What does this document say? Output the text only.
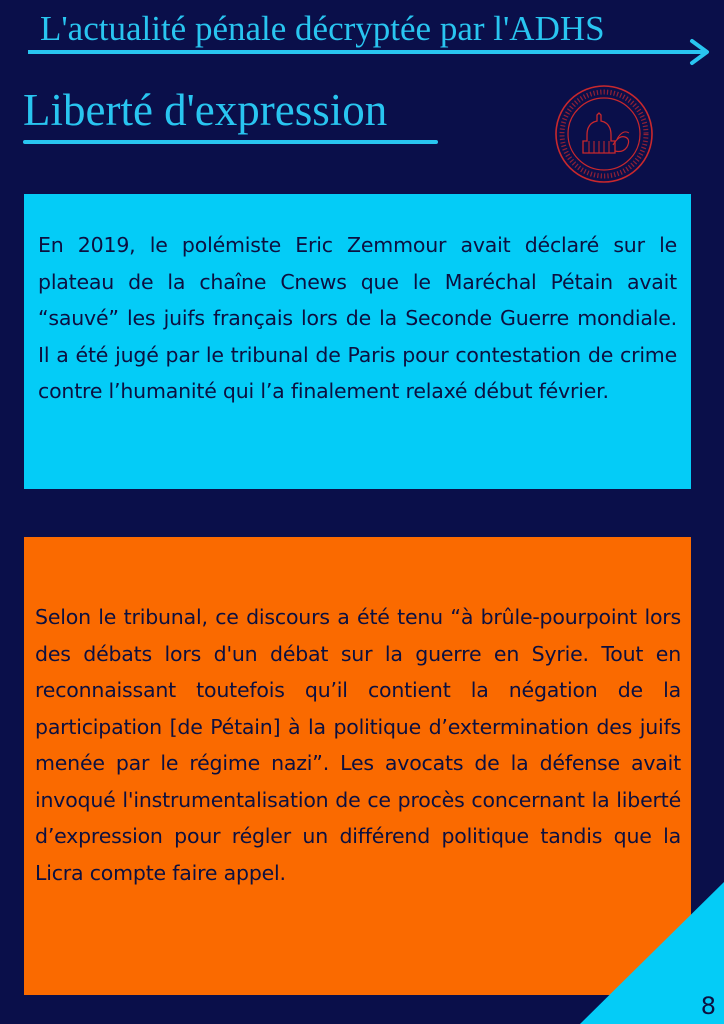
L'actualité pénale décryptée par l'ADHS
Liberté d'expression
En 2019, le polémiste Eric Zemmour avait déclaré sur le plateau de la chaîne Cnews que le Maréchal Pétain avait “sauvé” les juifs français lors de la Seconde Guerre mondiale. Il a été jugé par le tribunal de Paris pour contestation de crime contre l’humanité qui l’a finalement relaxé début février.
Selon le tribunal, ce discours a été tenu “à brûle-pourpoint lors des débats lors d'un débat sur la guerre en Syrie. Tout en reconnaissant toutefois qu’il contient la négation de la participation [de Pétain] à la politique d’extermination des juifs menée par le régime nazi”. Les avocats de la défense avait invoqué l'instrumentalisation de ce procès concernant la liberté d’expression pour régler un différend politique tandis que la Licra compte faire appel.
8
